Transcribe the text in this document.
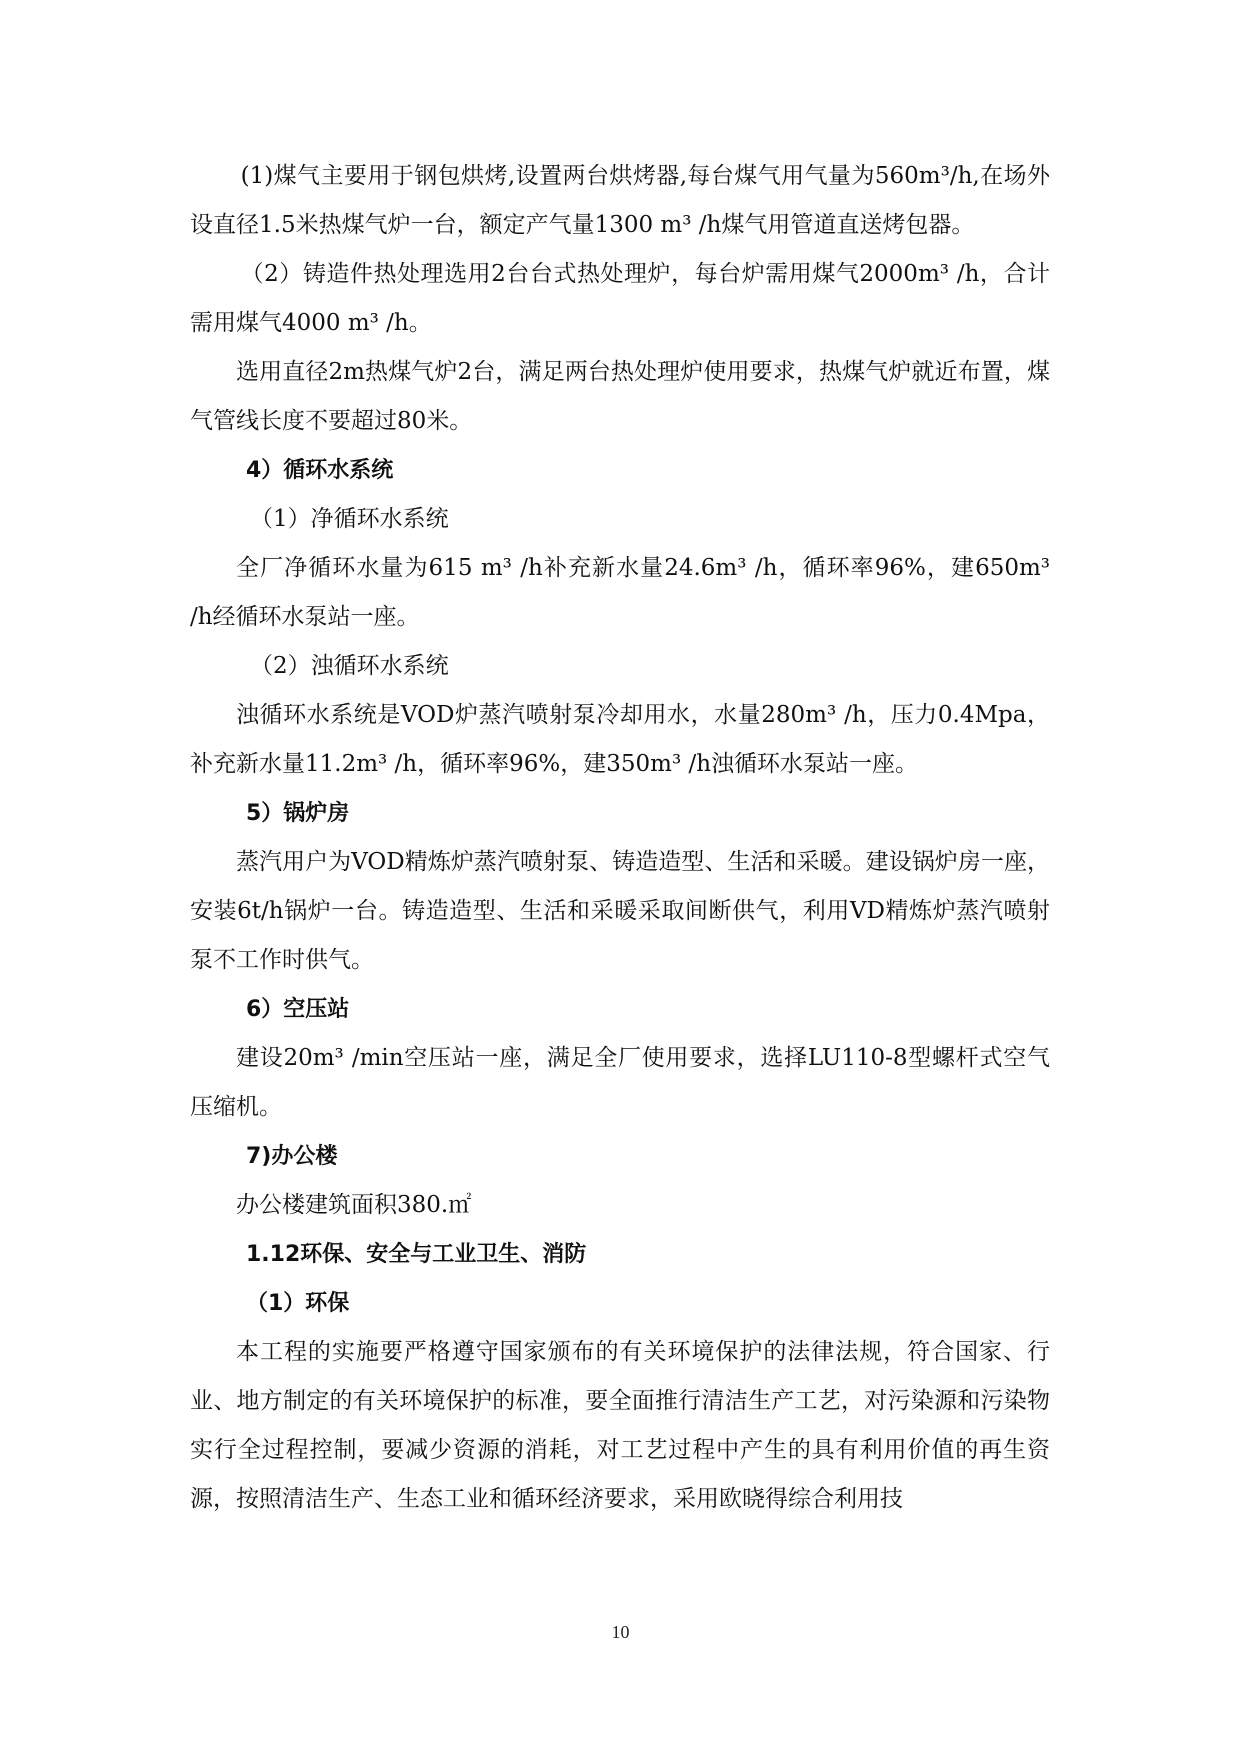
(1)煤气主要用于钢包烘烤,设置两台烘烤器,每台煤气用气量为560m³/h,在场外设直径1.5米热煤气炉一台，额定产气量1300 m³ /h煤气用管道直送烤包器。

（2）铸造件热处理选用2台台式热处理炉，每台炉需用煤气2000m³ /h，合计需用煤气4000 m³ /h。

选用直径2m热煤气炉2台，满足两台热处理炉使用要求，热煤气炉就近布置，煤气管线长度不要超过80米。

4）循环水系统

（1）净循环水系统

全厂净循环水量为615 m³ /h补充新水量24.6m³ /h，循环率96%，建650m³ /h经循环水泵站一座。

（2）浊循环水系统

浊循环水系统是VOD炉蒸汽喷射泵冷却用水，水量280m³ /h，压力0.4Mpa，补充新水量11.2m³ /h，循环率96%，建350m³ /h浊循环水泵站一座。

5）锅炉房

蒸汽用户为VOD精炼炉蒸汽喷射泵、铸造造型、生活和采暖。建设锅炉房一座，安装6t/h锅炉一台。铸造造型、生活和采暖采取间断供气，利用VD精炼炉蒸汽喷射泵不工作时供气。

6）空压站

建设20m³ /min空压站一座，满足全厂使用要求，选择LU110-8型螺杆式空气压缩机。

7)办公楼

办公楼建筑面积380.㎡

1.12环保、安全与工业卫生、消防

（1）环保

本工程的实施要严格遵守国家颁布的有关环境保护的法律法规，符合国家、行业、地方制定的有关环境保护的标准，要全面推行清洁生产工艺，对污染源和污染物实行全过程控制，要减少资源的消耗，对工艺过程中产生的具有利用价值的再生资源，按照清洁生产、生态工业和循环经济要求，采用欧晓得综合利用技

10
